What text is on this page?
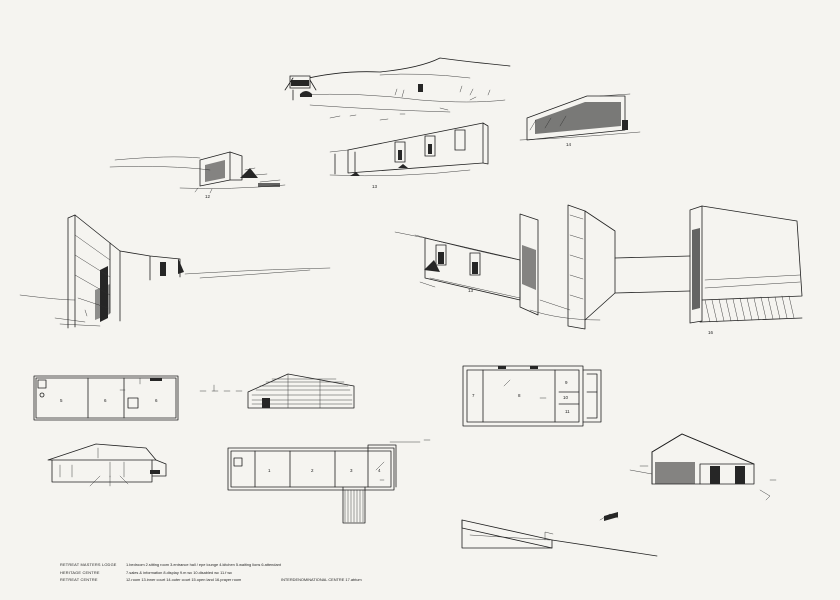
12
13
14
13
16
5	6	6
7	8
9
10
11
1	2	3	4
RETREAT MASTERS LODGE 1.bedroom 2.sitting room 3.entrance hall / epe lounge 4.kitchen 5.waiting lions 6.attendant
HERITAGE CENTRE	7.sales & information 8.display 9.m wc 10.disabled wc 11.f wc
RETREAT CENTRE	12.room 13.inner court 14.outer court 15.open land 16.prayer room	INTERDENOMINATIONAL CENTRE 17.atrium
